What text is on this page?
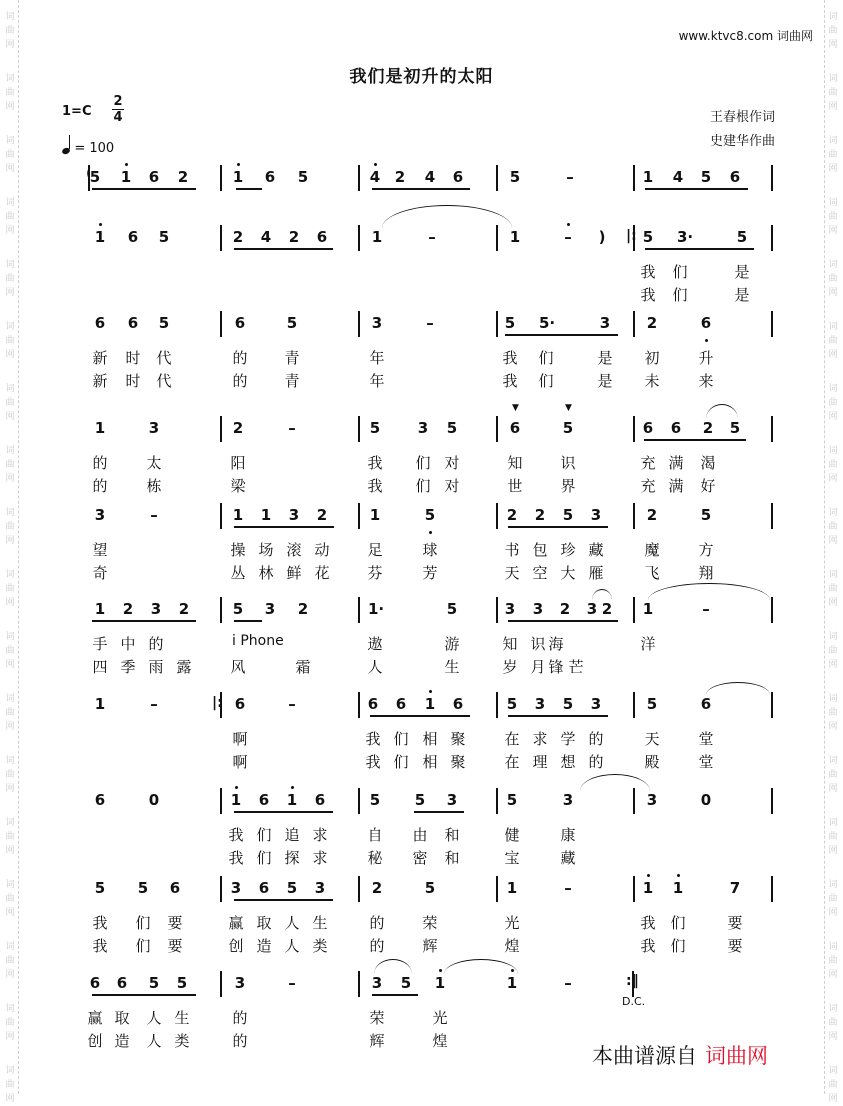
词
曲
网
词
曲
网
词
曲
网
词
曲
网
词
曲
网
词
曲
网
词
曲
网
词
曲
网
词
曲
网
词
曲
网
词
曲
网
词
曲
网
词
曲
网
词
曲
网
词
曲
网
词
曲
网
词
曲
网
词
曲
网
词
曲
网
词
曲
网
词
曲
网
词
曲
网
词
曲
网
词
曲
网
词
曲
网
词
曲
网
词
曲
网
词
曲
网
词
曲
网
词
曲
网
词
曲
网
词
曲
网
词
曲
网
词
曲
网
词
曲
网
词
曲
网
www.ktvc8.com 词曲网
我们是初升的太阳
1=C
2
4
= 100
王春根作词
史建华作曲
5 1 6 2	1 6 5	4 2 4 6	5	–	1 4 5 6
1 6 5	2 4 2 6	1	–	1	– ) 5 3·	5
我 们	是
我 们	是
6 6 5	6	5	3	–	5 5·	3 2	6
新 时 代	的 青	年	我 们	是 初	升
新 时 代	的 青	年	我 们	是 未	来
1	3	2	–	5	3 5	6	5	6 6 2 5
的	太	阳	我 们 对	知	识	充 满 渴
的	栋	梁	我 们 对	世	界	充 满 好
3	–	1 1 3 2	1	5	2 2 5 3	2	5
望	操 场 滚 动	足	球	书 包 珍 藏	魔	方
奇	丛 林 鲜 花	芬	芳	天 空 大 雁	飞	翔
1 2 3 2	5 3 2	1·	5	3 3 2 3 2 1	–
手 中 的	i Phone	遨	游	知 识 海	洋
四 季 雨 露	风	霜	人	生	岁 月 锋 芒
1	–	6	–	6 6 1 6	5 3 5 3	5	6
啊	我 们 相 聚	在 求 学 的	天	堂
啊	我 们 相 聚	在 理 想 的	殿	堂
6	0	1 6 1 6	5 5 3	5	3	3	0
我 们 追 求	自 由 和	健	康
我 们 探 求	秘 密 和	宝	藏
5 5 6	3 6 5 3	2	5	1	–	1 1	7
我 们 要	赢 取 人 生	的	荣	光	我 们	要
我 们 要	创 造 人 类	的	辉	煌	我 们	要
6 6 5 5	3	–	3 5 1	1	–
赢 取 人 生	的	荣	光
创 造 人 类	的	辉	煌
D.C.
本曲谱源自 词曲网
|:
|:
:‖
(
▼	▼
